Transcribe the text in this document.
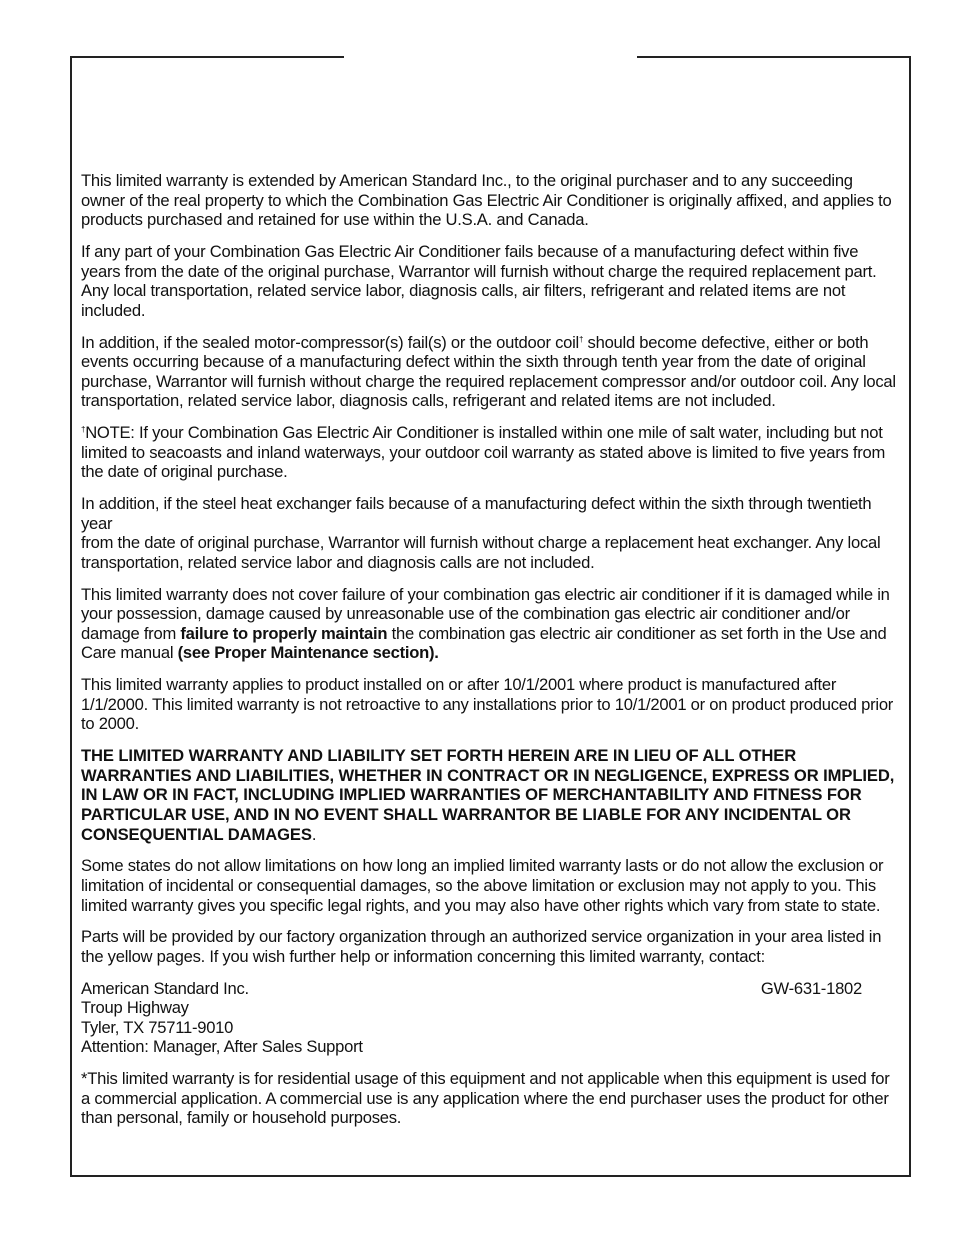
This limited warranty is extended by American Standard Inc., to the original purchaser and to any succeeding owner of the real property to which the Combination Gas Electric Air Conditioner is originally affixed, and applies to products purchased and retained for use within the U.S.A. and Canada.

If any part of your Combination Gas Electric Air Conditioner fails because of a manufacturing defect within five years from the date of the original purchase, Warrantor will furnish without charge the required replacement part. Any local transportation, related service labor, diagnosis calls, air filters, refrigerant and related items are not included.

In addition, if the sealed motor-compressor(s) fail(s) or the outdoor coil† should become defective, either or both events occurring because of a manufacturing defect within the sixth through tenth year from the date of original purchase, Warrantor will furnish without charge the required replacement compressor and/or outdoor coil. Any local transportation, related service labor, diagnosis calls, refrigerant and related items are not included.

†NOTE: If your Combination Gas Electric Air Conditioner is installed within one mile of salt water, including but not limited to seacoasts and inland waterways, your outdoor coil warranty as stated above is limited to five years from the date of original purchase.

In addition, if the steel heat exchanger fails because of a manufacturing defect within the sixth through twentieth year
from the date of original purchase, Warrantor will furnish without charge a replacement heat exchanger. Any local transportation, related service labor and diagnosis calls are not included.

This limited warranty does not cover failure of your combination gas electric air conditioner if it is damaged while in your possession, damage caused by unreasonable use of the combination gas electric air conditioner and/or damage from failure to properly maintain the combination gas electric air conditioner as set forth in the Use and Care manual (see Proper Maintenance section).

This limited warranty applies to product installed on or after 10/1/2001 where product is manufactured after 1/1/2000. This limited warranty is not retroactive to any installations prior to 10/1/2001 or on product produced prior to 2000.

THE LIMITED WARRANTY AND LIABILITY SET FORTH HEREIN ARE IN LIEU OF ALL OTHER WARRANTIES AND LIABILITIES, WHETHER IN CONTRACT OR IN NEGLIGENCE, EXPRESS OR IMPLIED, IN LAW OR IN FACT, INCLUDING IMPLIED WARRANTIES OF MERCHANTABILITY AND FITNESS FOR PARTICULAR USE, AND IN NO EVENT SHALL WARRANTOR BE LIABLE FOR ANY INCIDENTAL OR CONSEQUENTIAL DAMAGES.

Some states do not allow limitations on how long an implied limited warranty lasts or do not allow the exclusion or limitation of incidental or consequential damages, so the above limitation or exclusion may not apply to you. This limited warranty gives you specific legal rights, and you may also have other rights which vary from state to state.

Parts will be provided by our factory organization through an authorized service organization in your area listed in the yellow pages. If you wish further help or information concerning this limited warranty, contact:

American Standard Inc.
Troup Highway
Tyler, TX 75711-9010
Attention: Manager, After Sales Support
GW-631-1802

*This limited warranty is for residential usage of this equipment and not applicable when this equipment is used for a commercial application. A commercial use is any application where the end purchaser uses the product for other than personal, family or household purposes.
